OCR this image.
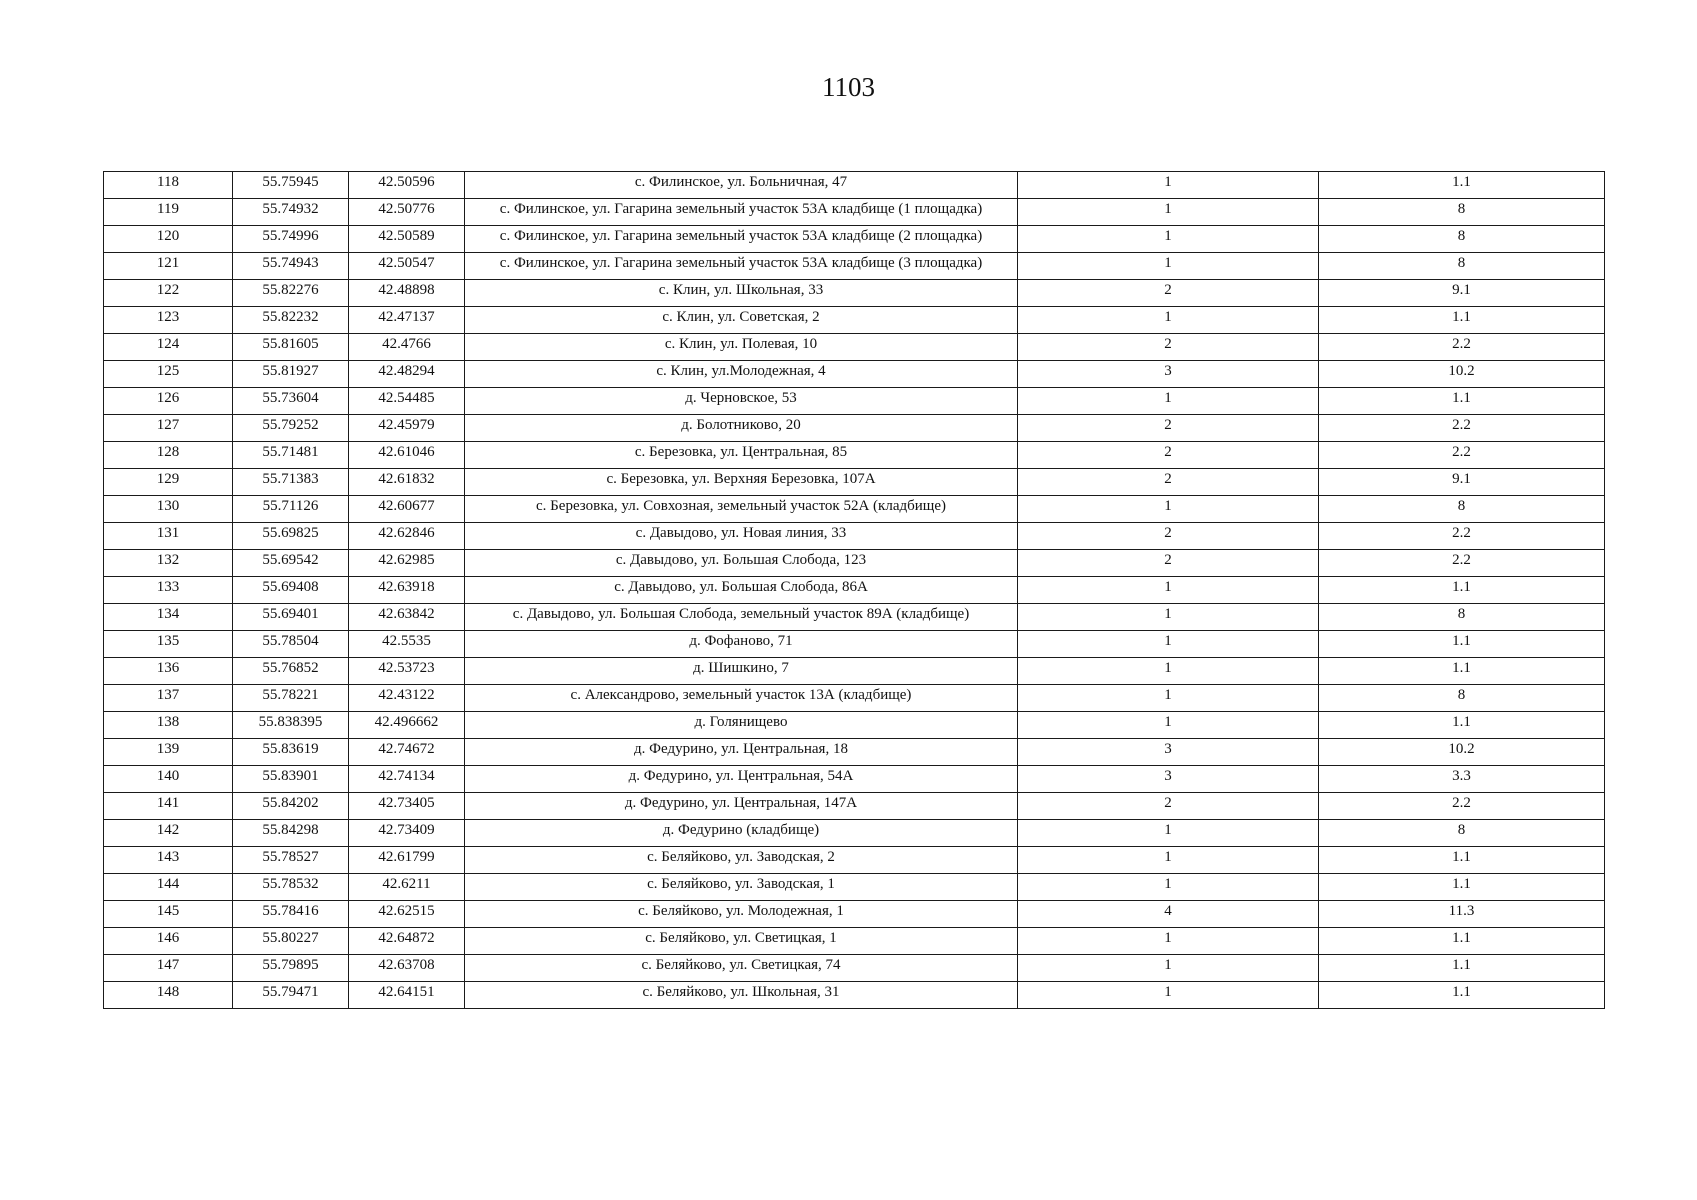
1103
118	55.75945	42.50596	с. Филинское, ул. Больничная, 47	1	1.1
119	55.74932	42.50776	с. Филинское, ул. Гагарина земельный участок 53А кладбище (1 площадка)	1	8
120	55.74996	42.50589	с. Филинское, ул. Гагарина земельный участок 53А кладбище (2 площадка)	1	8
121	55.74943	42.50547	с. Филинское, ул. Гагарина земельный участок 53А кладбище (3 площадка)	1	8
122	55.82276	42.48898	с. Клин, ул. Школьная, 33	2	9.1
123	55.82232	42.47137	с. Клин, ул. Советская, 2	1	1.1
124	55.81605	42.4766	с. Клин, ул. Полевая, 10	2	2.2
125	55.81927	42.48294	с. Клин, ул.Молодежная, 4	3	10.2
126	55.73604	42.54485	д. Черновское, 53	1	1.1
127	55.79252	42.45979	д. Болотниково, 20	2	2.2
128	55.71481	42.61046	с. Березовка, ул. Центральная, 85	2	2.2
129	55.71383	42.61832	с. Березовка, ул. Верхняя Березовка, 107А	2	9.1
130	55.71126	42.60677	с. Березовка, ул. Совхозная, земельный участок 52А (кладбище)	1	8
131	55.69825	42.62846	с. Давыдово, ул. Новая линия, 33	2	2.2
132	55.69542	42.62985	с. Давыдово, ул. Большая Слобода, 123	2	2.2
133	55.69408	42.63918	с. Давыдово, ул. Большая Слобода, 86А	1	1.1
134	55.69401	42.63842	с. Давыдово, ул. Большая Слобода, земельный участок 89А (кладбище)	1	8
135	55.78504	42.5535	д. Фофаново, 71	1	1.1
136	55.76852	42.53723	д. Шишкино, 7	1	1.1
137	55.78221	42.43122	с. Александрово, земельный участок 13А (кладбище)	1	8
138	55.838395	42.496662	д. Голянищево	1	1.1
139	55.83619	42.74672	д. Федурино, ул. Центральная, 18	3	10.2
140	55.83901	42.74134	д. Федурино, ул. Центральная, 54А	3	3.3
141	55.84202	42.73405	д. Федурино, ул. Центральная, 147А	2	2.2
142	55.84298	42.73409	д. Федурино (кладбище)	1	8
143	55.78527	42.61799	с. Беляйково, ул. Заводская, 2	1	1.1
144	55.78532	42.6211	с. Беляйково, ул. Заводская, 1	1	1.1
145	55.78416	42.62515	с. Беляйково, ул. Молодежная, 1	4	11.3
146	55.80227	42.64872	с. Беляйково, ул. Светицкая, 1	1	1.1
147	55.79895	42.63708	с. Беляйково, ул. Светицкая, 74	1	1.1
148	55.79471	42.64151	с. Беляйково, ул. Школьная, 31	1	1.1
